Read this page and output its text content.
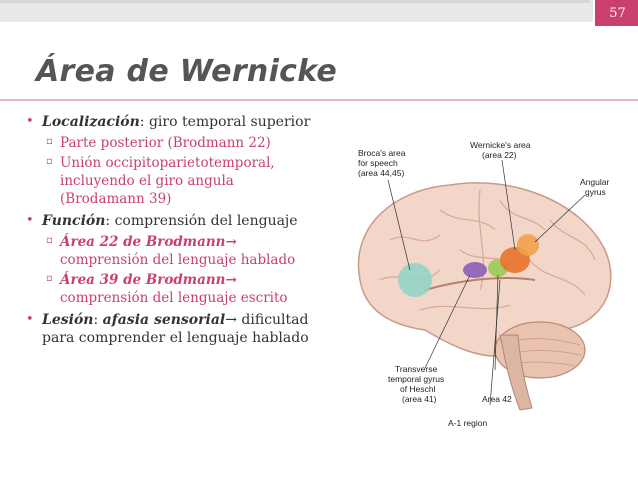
57
Área de Wernicke
• Localización: giro temporal superior
▫ Parte posterior (Brodmann 22)
▫ Unión occipitoparietotemporal, incluyendo el giro angula (Brodamann 39)
• Función: comprensión del lenguaje
▫ Área 22 de Brodmann→
comprensión del lenguaje hablado
▫ Área 39 de Brodmann→
comprensión del lenguaje escrito
• Lesión: afasia sensorial→ dificultad para comprender el lenguaje hablado
Broca's area
for speech
(area 44,45)
Wernicke's area
(area 22)
Angular
gyrus
Transverse
temporal gyrus
of Heschl
(area 41)	Area 42
A-1 region
